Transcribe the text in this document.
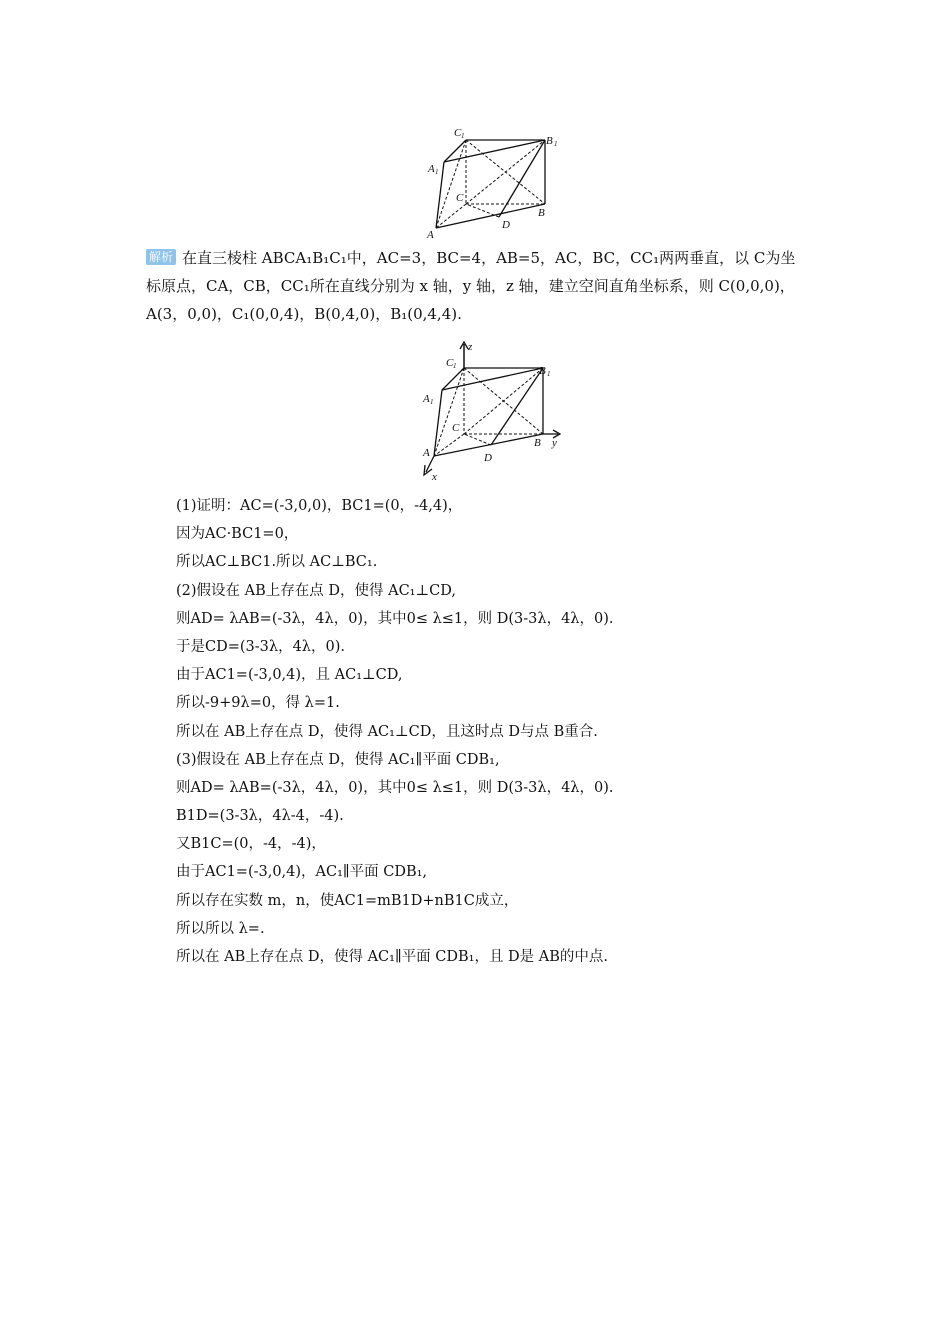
C 1	B 1
A 1
C
B
A
D
解析 在直三棱柱 ABCA₁B₁C₁中，AC=3，BC=4，AB=5，AC，BC，CC₁两两垂直，以 C为坐标原点，CA，CB，CC₁所在直线分别为 x 轴，y 轴，z 轴，建立空间直角坐标系，则 C(0,0,0)，A(3，0,0)，C₁(0,0,4)，B(0,4,0)，B₁(0,4,4).
z
y
x
C 1	B 1
A 1
C
B
A	D
(1)证明：AC=(-3,0,0)，BC1=(0，-4,4)，
因为AC·BC1=0，
所以AC⊥BC1.所以 AC⊥BC₁.
(2)假设在 AB上存在点 D，使得 AC₁⊥CD,
则AD= λAB=(-3λ，4λ，0)，其中0≤ λ≤1，则 D(3-3λ，4λ，0).
于是CD=(3-3λ，4λ，0).
由于AC1=(-3,0,4)，且 AC₁⊥CD,
所以-9+9λ=0，得 λ=1.
所以在 AB上存在点 D，使得 AC₁⊥CD，且这时点 D与点 B重合.
(3)假设在 AB上存在点 D，使得 AC₁∥平面 CDB₁,
则AD= λAB=(-3λ，4λ，0)，其中0≤ λ≤1，则 D(3-3λ，4λ，0).
B1D=(3-3λ，4λ-4，-4).
又B1C=(0，-4，-4)，
由于AC1=(-3,0,4)，AC₁∥平面 CDB₁,
所以存在实数 m，n，使AC1=mB1D+nB1C成立，
所以所以 λ=.
所以在 AB上存在点 D，使得 AC₁∥平面 CDB₁，且 D是 AB的中点.
